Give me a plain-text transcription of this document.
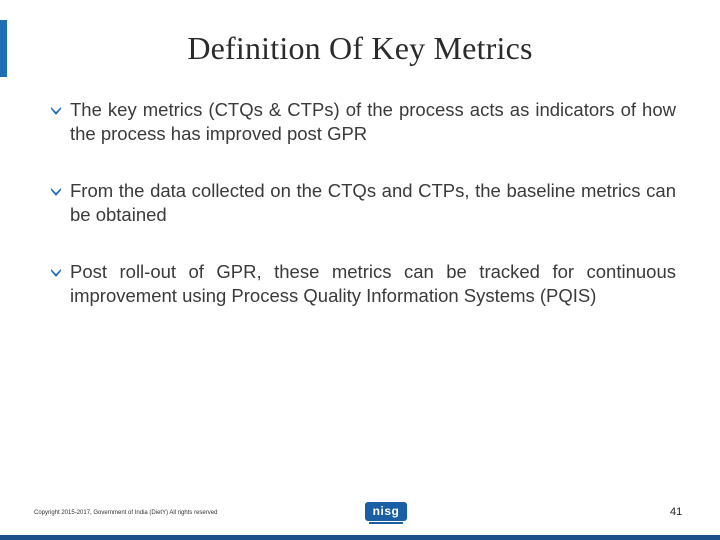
Definition Of Key Metrics
The key metrics (CTQs & CTPs) of the process acts as indicators of how the process has improved post GPR
From the data collected on the CTQs and CTPs, the baseline metrics can be obtained
Post roll-out of GPR, these metrics can be tracked for continuous improvement using Process Quality Information Systems (PQIS)
Copyright 2015-2017, Government of India (DietY) All rights reserved	nisg	41
